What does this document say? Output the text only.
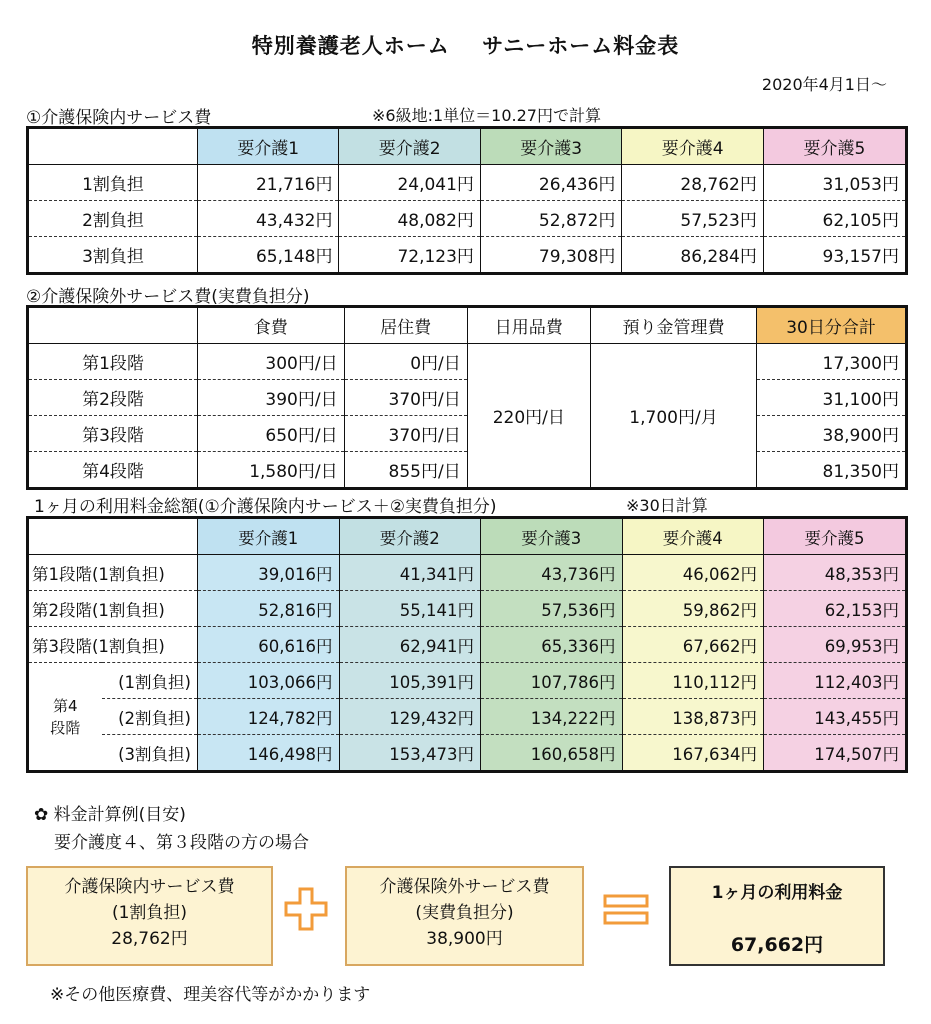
特別養護老人ホーム サニーホーム料金表
2020年4月1日～
①介護保険内サービス費	※6級地:1単位＝10.27円で計算
	要介護1	要介護2	要介護3	要介護4	要介護5
1割負担	21,716円	24,041円	26,436円	28,762円	31,053円
2割負担	43,432円	48,082円	52,872円	57,523円	62,105円
3割負担	65,148円	72,123円	79,308円	86,284円	93,157円
②介護保険外サービス費(実費負担分)
	食費	居住費	日用品費	預り金管理費	30日分合計
第1段階	300円/日	0円/日	220円/日	1,700円/月	17,300円
第2段階	390円/日	370円/日			31,100円
第3段階	650円/日	370円/日			38,900円
第4段階	1,580円/日	855円/日			81,350円
1ヶ月の利用料金総額(①介護保険内サービス＋②実費負担分)	※30日計算
		要介護1	要介護2	要介護3	要介護4	要介護5
第1段階(1割負担)		39,016円	41,341円	43,736円	46,062円	48,353円
第2段階(1割負担)		52,816円	55,141円	57,536円	59,862円	62,153円
第3段階(1割負担)		60,616円	62,941円	65,336円	67,662円	69,953円

第4
段階	(1割負担)	103,066円	105,391円	107,786円	110,112円	112,403円
	(2割負担)	124,782円	129,432円	134,222円	138,873円	143,455円
	(3割負担)	146,498円	153,473円	160,658円	167,634円	174,507円
✿ 料金計算例(目安)
要介護度４、第３段階の方の場合
介護保険内サービス費
(1割負担)
28,762円
介護保険外サービス費
(実費負担分)
38,900円
1ヶ月の利用料金
67,662円
※その他医療費、理美容代等がかかります
